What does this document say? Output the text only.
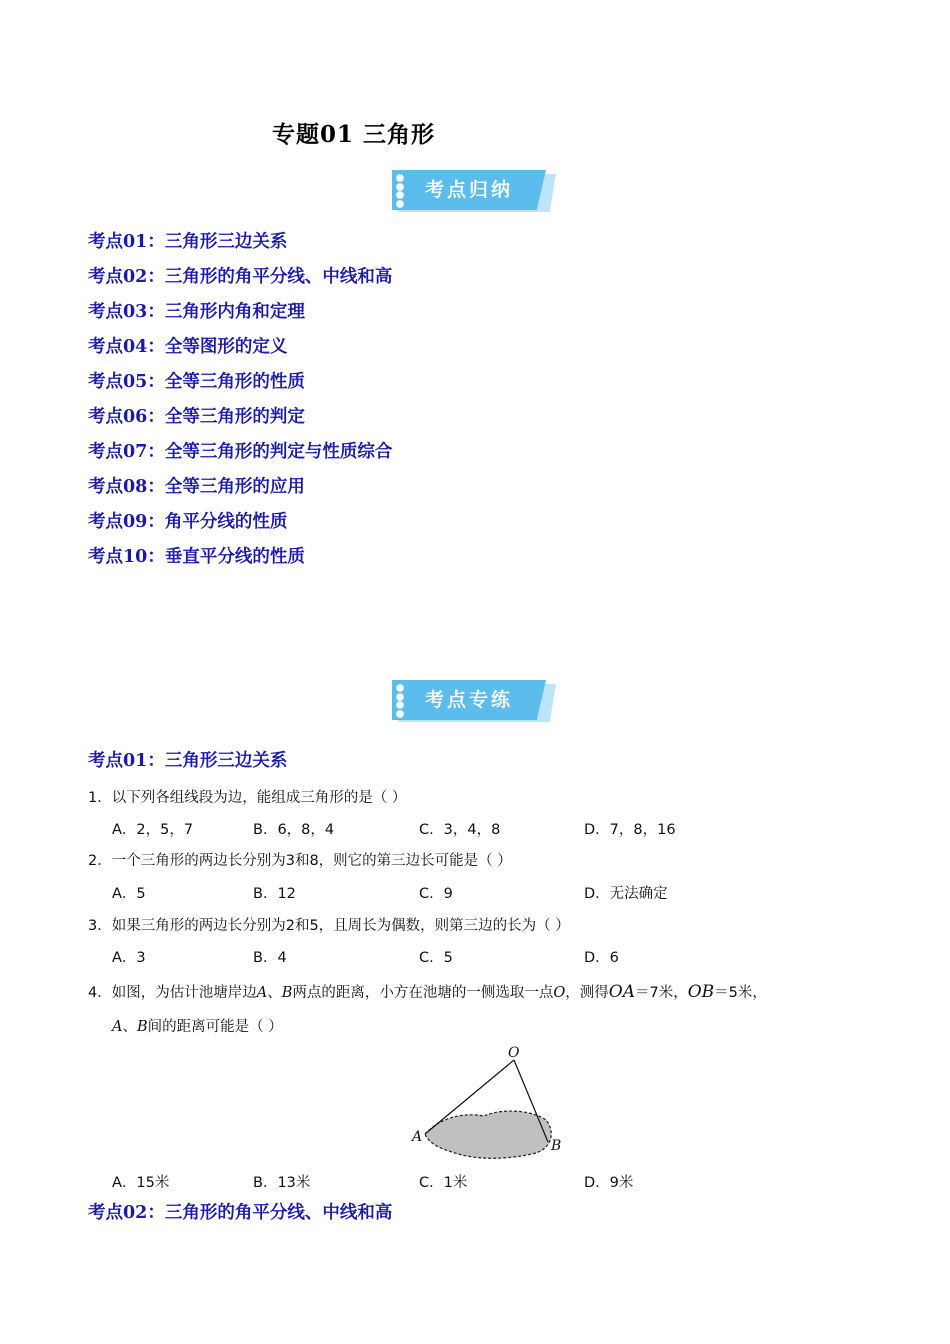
专题01 三角形
考点归纳
考点01：三角形三边关系
考点02：三角形的角平分线、中线和高
考点03：三角形内角和定理
考点04：全等图形的定义
考点05：全等三角形的性质
考点06：全等三角形的判定
考点07：全等三角形的判定与性质综合
考点08：全等三角形的应用
考点09：角平分线的性质
考点10：垂直平分线的性质
考点专练
考点01：三角形三边关系
1．以下列各组线段为边，能组成三角形的是（ ）
A．2，5，7	B．6，8，4	C．3，4，8	D．7，8，16
2．一个三角形的两边长分别为3和8，则它的第三边长可能是（ ）
A．5	B．12	C．9	D．无法确定
3．如果三角形的两边长分别为2和5，且周长为偶数，则第三边的长为（ ）
A．3	B．4	C．5	D．6
4．如图，为估计池塘岸边A、B两点的距离，小方在池塘的一侧选取一点O，测得OA＝7米，OB＝5米，
A、B间的距离可能是（ ）
O
A
B
A．15米	B．13米	C．1米	D．9米
考点02：三角形的角平分线、中线和高
